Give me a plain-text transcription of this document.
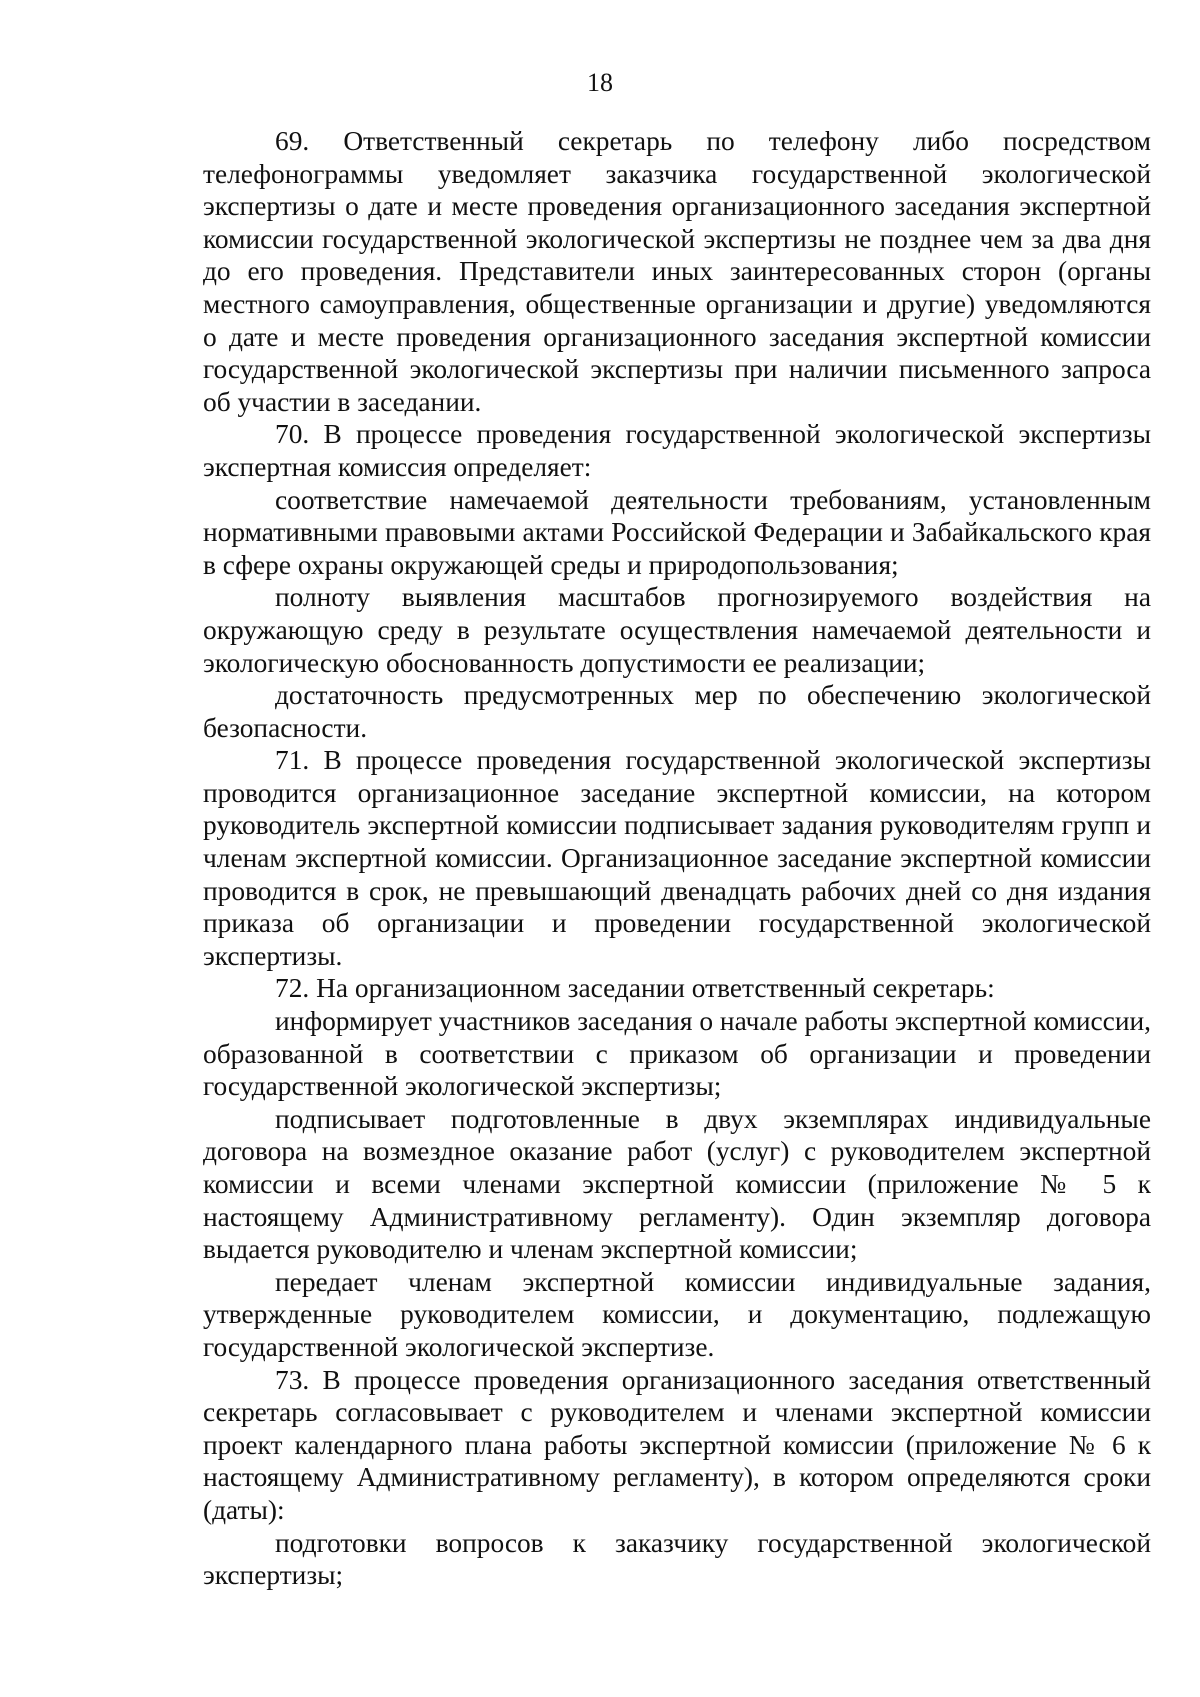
18

69. Ответственный секретарь по телефону либо посредством телефонограммы уведомляет заказчика государственной экологической экспертизы о дате и месте проведения организационного заседания экспертной комиссии государственной экологической экспертизы не позднее чем за два дня до его проведения. Представители иных заинтересованных сторон (органы местного самоуправления, общественные организации и другие) уведомляются о дате и месте проведения организационного заседания экспертной комиссии государственной экологической экспертизы при наличии письменного запроса об участии в заседании.

70. В процессе проведения государственной экологической экспертизы экспертная комиссия определяет:

соответствие намечаемой деятельности требованиям, установленным нормативными правовыми актами Российской Федерации и Забайкальского края в сфере охраны окружающей среды и природопользования;

полноту выявления масштабов прогнозируемого воздействия на окружающую среду в результате осуществления намечаемой деятельности и экологическую обоснованность допустимости ее реализации;

достаточность предусмотренных мер по обеспечению экологической безопасности.

71. В процессе проведения государственной экологической экспертизы проводится организационное заседание экспертной комиссии, на котором руководитель экспертной комиссии подписывает задания руководителям групп и членам экспертной комиссии. Организационное заседание экспертной комиссии проводится в срок, не превышающий двенадцать рабочих дней со дня издания приказа об организации и проведении государственной экологической экспертизы.

72. На организационном заседании ответственный секретарь:

информирует участников заседания о начале работы экспертной комиссии, образованной в соответствии с приказом об организации и проведении государственной экологической экспертизы;

подписывает подготовленные в двух экземплярах индивидуальные договора на возмездное оказание работ (услуг) с руководителем экспертной комиссии и всеми членами экспертной комиссии (приложение № 5 к настоящему Административному регламенту). Один экземпляр договора выдается руководителю и членам экспертной комиссии;

передает членам экспертной комиссии индивидуальные задания, утвержденные руководителем комиссии, и документацию, подлежащую государственной экологической экспертизе.

73. В процессе проведения организационного заседания ответственный секретарь согласовывает с руководителем и членами экспертной комиссии проект календарного плана работы экспертной комиссии (приложение № 6 к настоящему Административному регламенту), в котором определяются сроки (даты):

подготовки вопросов к заказчику государственной экологической экспертизы;
